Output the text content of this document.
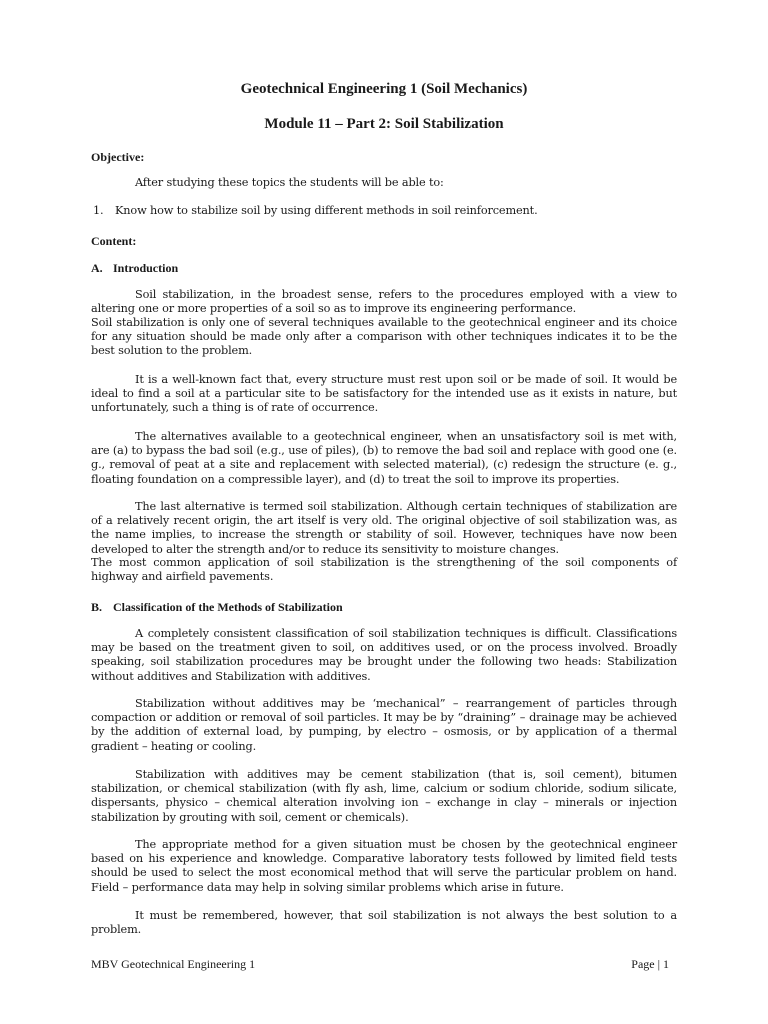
Geotechnical Engineering 1 (Soil Mechanics)
Module 11 – Part 2: Soil Stabilization
Objective:
After studying these topics the students will be able to:
1. Know how to stabilize soil by using different methods in soil reinforcement.
Content:
A. Introduction

Soil stabilization, in the broadest sense, refers to the procedures employed with a view to altering one or more properties of a soil so as to improve its engineering performance.

Soil stabilization is only one of several techniques available to the geotechnical engineer and its choice for any situation should be made only after a comparison with other techniques indicates it to be the best solution to the problem.

It is a well-known fact that, every structure must rest upon soil or be made of soil. It would be ideal to find a soil at a particular site to be satisfactory for the intended use as it exists in nature, but unfortunately, such a thing is of rate of occurrence.

The alternatives available to a geotechnical engineer, when an unsatisfactory soil is met with, are (a) to bypass the bad soil (e.g., use of piles), (b) to remove the bad soil and replace with good one (e. g., removal of peat at a site and replacement with selected material), (c) redesign the structure (e. g., floating foundation on a compressible layer), and (d) to treat the soil to improve its properties.

The last alternative is termed soil stabilization. Although certain techniques of stabilization are of a relatively recent origin, the art itself is very old. The original objective of soil stabilization was, as the name implies, to increase the strength or stability of soil. However, techniques have now been developed to alter the strength and/or to reduce its sensitivity to moisture changes.

The most common application of soil stabilization is the strengthening of the soil components of highway and airfield pavements.

B. Classification of the Methods of Stabilization

A completely consistent classification of soil stabilization techniques is difficult. Classifications may be based on the treatment given to soil, on additives used, or on the process involved. Broadly speaking, soil stabilization procedures may be brought under the following two heads: Stabilization without additives and Stabilization with additives.

Stabilization without additives may be ‘mechanical” – rearrangement of particles through compaction or addition or removal of soil particles. It may be by “draining” – drainage may be achieved by the addition of external load, by pumping, by electro – osmosis, or by application of a thermal gradient – heating or cooling.

Stabilization with additives may be cement stabilization (that is, soil cement), bitumen stabilization, or chemical stabilization (with fly ash, lime, calcium or sodium chloride, sodium silicate, dispersants, physico – chemical alteration involving ion – exchange in clay – minerals or injection stabilization by grouting with soil, cement or chemicals).

The appropriate method for a given situation must be chosen by the geotechnical engineer based on his experience and knowledge. Comparative laboratory tests followed by limited field tests should be used to select the most economical method that will serve the particular problem on hand. Field – performance data may help in solving similar problems which arise in future.

It must be remembered, however, that soil stabilization is not always the best solution to a problem.

MBV Geotechnical Engineering 1	Page | 1
